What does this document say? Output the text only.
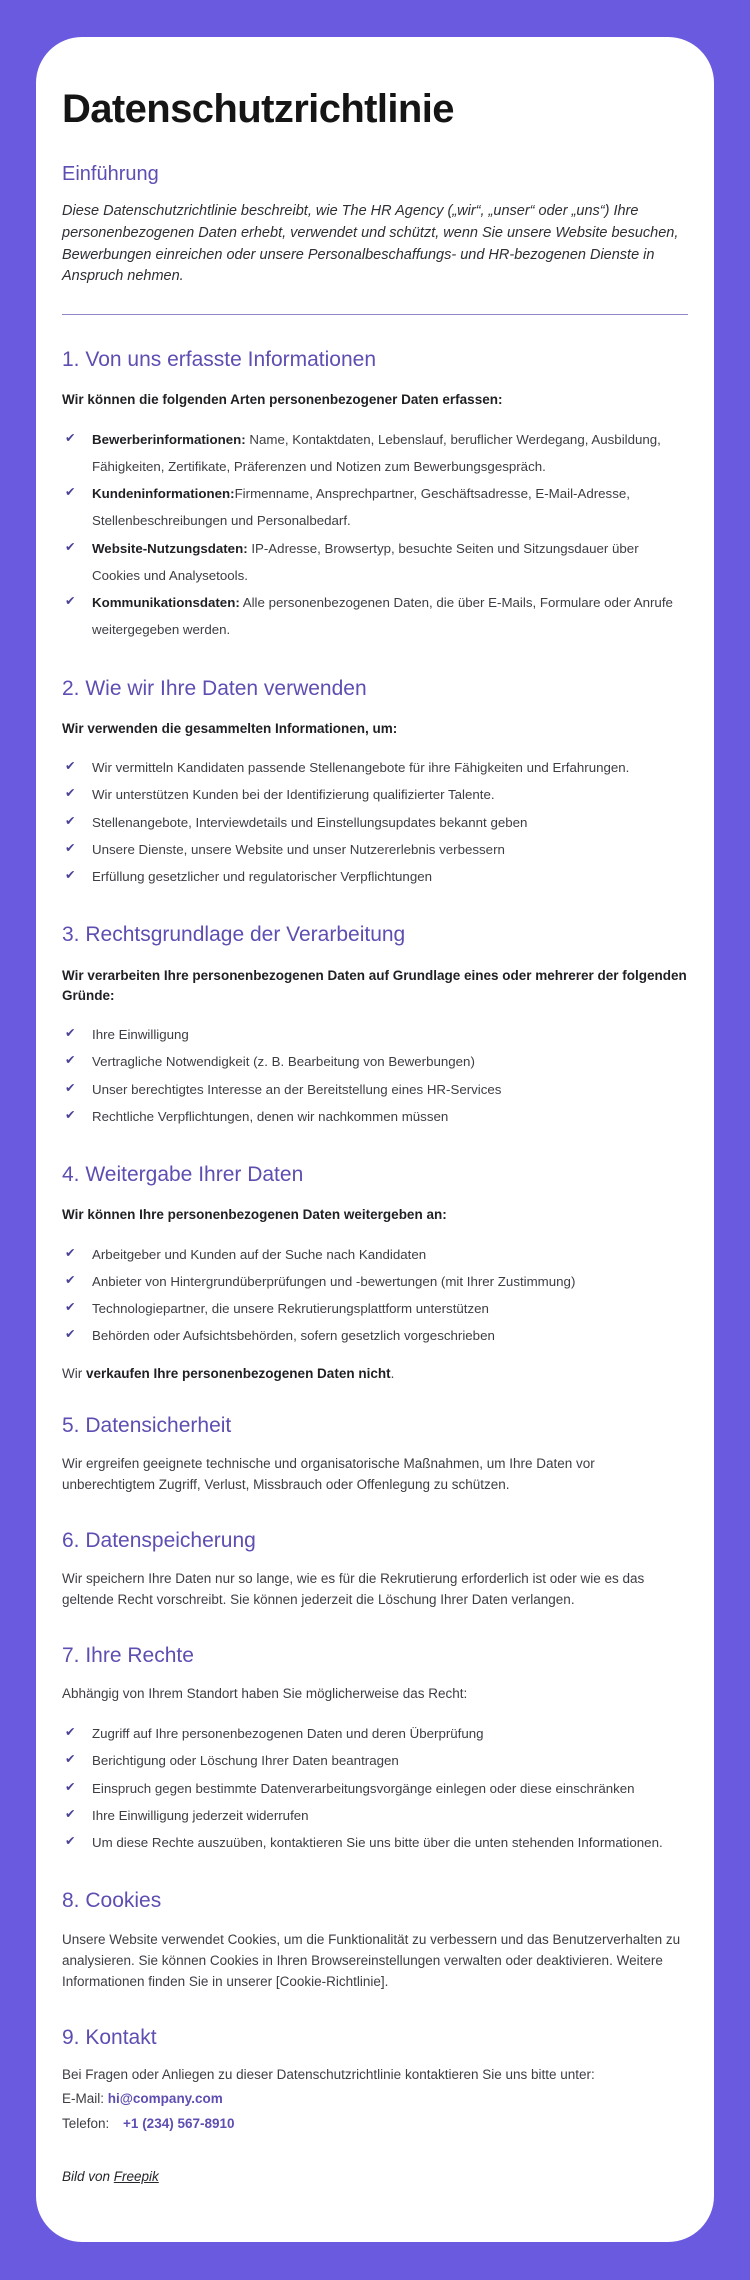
Datenschutzrichtlinie
Einführung

Diese Datenschutzrichtlinie beschreibt, wie The HR Agency („wir“, „unser“ oder „uns“) Ihre personenbezogenen Daten erhebt, verwendet und schützt, wenn Sie unsere Website besuchen, Bewerbungen einreichen oder unsere Personalbeschaffungs- und HR-bezogenen Dienste in Anspruch nehmen.

1. Von uns erfasste Informationen

Wir können die folgenden Arten personenbezogener Daten erfassen:

✔	Bewerberinformationen: Name, Kontaktdaten, Lebenslauf, beruflicher Werdegang, Ausbildung, Fähigkeiten, Zertifikate, Präferenzen und Notizen zum Bewerbungsgespräch.
✔	Kundeninformationen:Firmenname, Ansprechpartner, Geschäftsadresse, E-Mail-Adresse, Stellenbeschreibungen und Personalbedarf.
✔	Website-Nutzungsdaten: IP-Adresse, Browsertyp, besuchte Seiten und Sitzungsdauer über Cookies und Analysetools.
✔	Kommunikationsdaten: Alle personenbezogenen Daten, die über E-Mails, Formulare oder Anrufe weitergegeben werden.
2. Wie wir Ihre Daten verwenden

Wir verwenden die gesammelten Informationen, um:

✔	Wir vermitteln Kandidaten passende Stellenangebote für ihre Fähigkeiten und Erfahrungen.
✔	Wir unterstützen Kunden bei der Identifizierung qualifizierter Talente.
✔	Stellenangebote, Interviewdetails und Einstellungsupdates bekannt geben
✔	Unsere Dienste, unsere Website und unser Nutzererlebnis verbessern
✔	Erfüllung gesetzlicher und regulatorischer Verpflichtungen
3. Rechtsgrundlage der Verarbeitung

Wir verarbeiten Ihre personenbezogenen Daten auf Grundlage eines oder mehrerer der folgenden Gründe:

✔	Ihre Einwilligung
✔	Vertragliche Notwendigkeit (z. B. Bearbeitung von Bewerbungen)
✔	Unser berechtigtes Interesse an der Bereitstellung eines HR-Services
✔	Rechtliche Verpflichtungen, denen wir nachkommen müssen
4. Weitergabe Ihrer Daten

Wir können Ihre personenbezogenen Daten weitergeben an:

✔	Arbeitgeber und Kunden auf der Suche nach Kandidaten
✔	Anbieter von Hintergrundüberprüfungen und -bewertungen (mit Ihrer Zustimmung)
✔	Technologiepartner, die unsere Rekrutierungsplattform unterstützen
✔	Behörden oder Aufsichtsbehörden, sofern gesetzlich vorgeschrieben

Wir verkaufen Ihre personenbezogenen Daten nicht.

5. Datensicherheit

Wir ergreifen geeignete technische und organisatorische Maßnahmen, um Ihre Daten vor unberechtigtem Zugriff, Verlust, Missbrauch oder Offenlegung zu schützen.

6. Datenspeicherung

Wir speichern Ihre Daten nur so lange, wie es für die Rekrutierung erforderlich ist oder wie es das geltende Recht vorschreibt. Sie können jederzeit die Löschung Ihrer Daten verlangen.

7. Ihre Rechte

Abhängig von Ihrem Standort haben Sie möglicherweise das Recht:

✔	Zugriff auf Ihre personenbezogenen Daten und deren Überprüfung
✔	Berichtigung oder Löschung Ihrer Daten beantragen
✔	Einspruch gegen bestimmte Datenverarbeitungsvorgänge einlegen oder diese einschränken
✔	Ihre Einwilligung jederzeit widerrufen
✔	Um diese Rechte auszuüben, kontaktieren Sie uns bitte über die unten stehenden Informationen.
8. Cookies

Unsere Website verwendet Cookies, um die Funktionalität zu verbessern und das Benutzerverhalten zu analysieren. Sie können Cookies in Ihren Browsereinstellungen verwalten oder deaktivieren. Weitere Informationen finden Sie in unserer [Cookie-Richtlinie].

9. Kontakt

Bei Fragen oder Anliegen zu dieser Datenschutzrichtlinie kontaktieren Sie uns bitte unter:

E-Mail: hi@company.com

Telefon: +1 (234) 567-8910

Bild von Freepik
